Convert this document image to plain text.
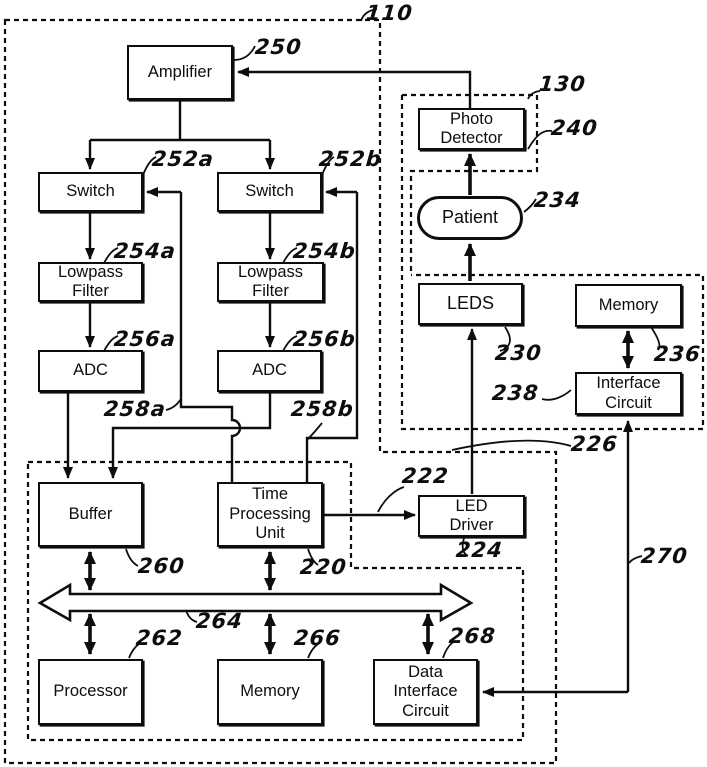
Amplifier
Switch	Switch
Lowpass
Filter
Lowpass
Filter
ADC	ADC
Buffer
Time
Processing
Unit
LED
Driver
Processor	Memory
Data
Interface
Circuit
Photo
Detector
Patient
LEDS	Memory
Interface
Circuit
110
250
252a	252b
254a	254b
256a	256b
258a	258b
260	220
222
224
264
262	266	268
226
270
130
240
234
230	236
238
